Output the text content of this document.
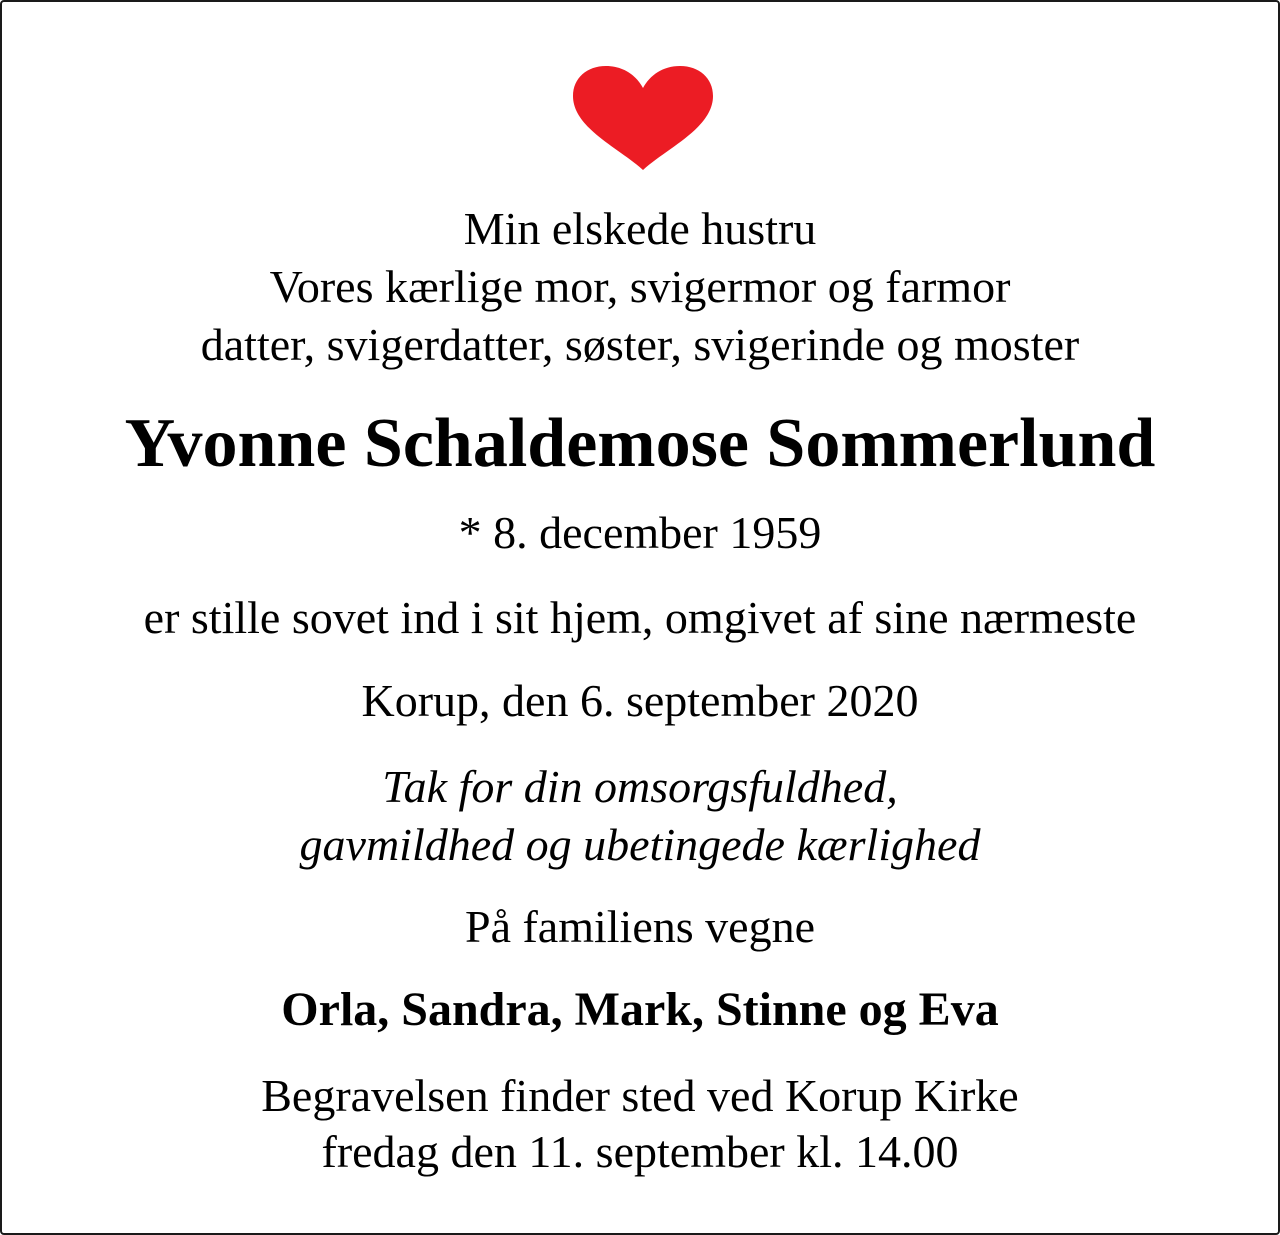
Min elskede hustru
Vores kærlige mor, svigermor og farmor
datter, svigerdatter, søster, svigerinde og moster
Yvonne Schaldemose Sommerlund
* 8. december 1959
er stille sovet ind i sit hjem, omgivet af sine nærmeste
Korup, den 6. september 2020
Tak for din omsorgsfuldhed,
gavmildhed og ubetingede kærlighed
På familiens vegne
Orla, Sandra, Mark, Stinne og Eva
Begravelsen finder sted ved Korup Kirke
fredag den 11. september kl. 14.00
